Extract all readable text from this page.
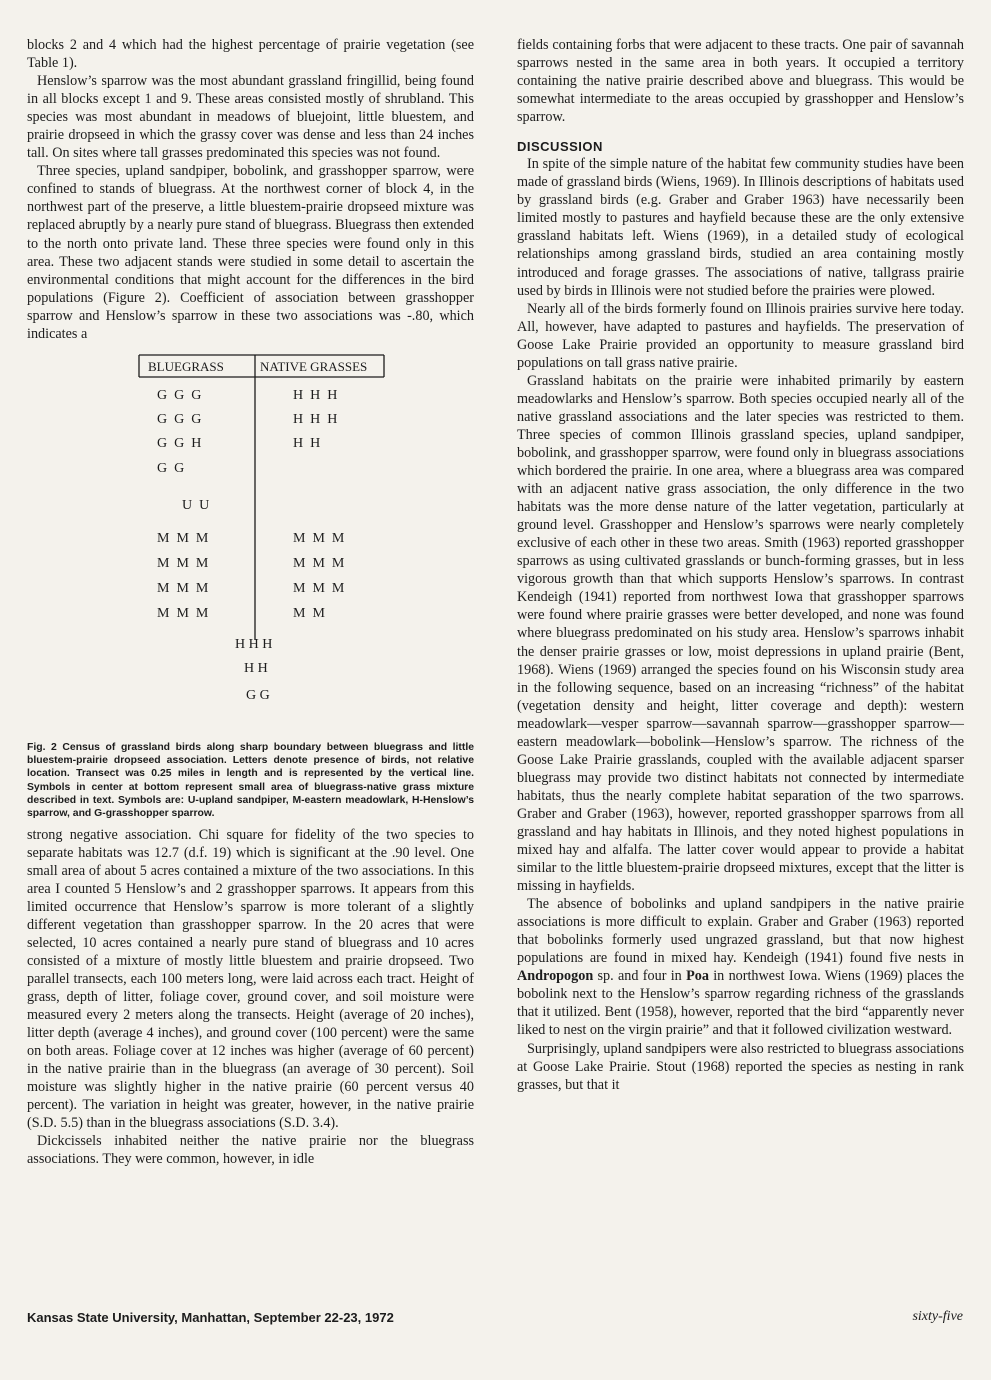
blocks 2 and 4 which had the highest percentage of prairie vegetation (see Table 1).

Henslow’s sparrow was the most abundant grassland fringillid, being found in all blocks except 1 and 9. These areas consisted mostly of shrubland. This species was most abundant in meadows of bluejoint, little bluestem, and prairie dropseed in which the grassy cover was dense and less than 24 inches tall. On sites where tall grasses predominated this species was not found.

Three species, upland sandpiper, bobolink, and grasshopper sparrow, were confined to stands of bluegrass. At the northwest corner of block 4, in the northwest part of the preserve, a little bluestem-prairie dropseed mixture was replaced abruptly by a nearly pure stand of bluegrass. Bluegrass then extended to the north onto private land. These three species were found only in this area. These two adjacent stands were studied in some detail to ascertain the environmental conditions that might account for the differences in the bird populations (Figure 2). Coefficient of association between grasshopper sparrow and Henslow’s sparrow in these two associations was -.80, which indicates a

BLUEGRASS	NATIVE GRASSES
G  G  G
G  G  G
G  G  H
G  G
U  U
M  M  M
M  M  M
M  M  M
M  M  M
H  H  H
H  H  H
H  H
M  M  M
M  M  M
M  M  M
M  M
H H H
H H
G G
Fig. 2 Census of grassland birds along sharp boundary between bluegrass and little bluestem-prairie dropseed association. Letters denote presence of birds, not relative location. Transect was 0.25 miles in length and is represented by the vertical line. Symbols in center at bottom represent small area of bluegrass-native grass mixture described in text. Symbols are: U-upland sandpiper, M-eastern meadowlark, H-Henslow’s sparrow, and G-grasshopper sparrow.

strong negative association. Chi square for fidelity of the two species to separate habitats was 12.7 (d.f. 19) which is significant at the .90 level. One small area of about 5 acres contained a mixture of the two associations. In this area I counted 5 Henslow’s and 2 grasshopper sparrows. It appears from this limited occurrence that Henslow’s sparrow is more tolerant of a slightly different vegetation than grasshopper sparrow. In the 20 acres that were selected, 10 acres contained a nearly pure stand of bluegrass and 10 acres consisted of a mixture of mostly little bluestem and prairie dropseed. Two parallel transects, each 100 meters long, were laid across each tract. Height of grass, depth of litter, foliage cover, ground cover, and soil moisture were measured every 2 meters along the transects. Height (average of 20 inches), litter depth (average 4 inches), and ground cover (100 percent) were the same on both areas. Foliage cover at 12 inches was higher (average of 60 percent) in the native prairie than in the bluegrass (an average of 30 percent). Soil moisture was slightly higher in the native prairie (60 percent versus 40 percent). The variation in height was greater, however, in the native prairie (S.D. 5.5) than in the bluegrass associations (S.D. 3.4).

Dickcissels inhabited neither the native prairie nor the bluegrass associations. They were common, however, in idle

fields containing forbs that were adjacent to these tracts. One pair of savannah sparrows nested in the same area in both years. It occupied a territory containing the native prairie described above and bluegrass. This would be somewhat intermediate to the areas occupied by grasshopper and Henslow’s sparrow.

DISCUSSION

In spite of the simple nature of the habitat few community studies have been made of grassland birds (Wiens, 1969). In Illinois descriptions of habitats used by grassland birds (e.g. Graber and Graber 1963) have necessarily been limited mostly to pastures and hayfield because these are the only extensive grassland habitats left. Wiens (1969), in a detailed study of ecological relationships among grassland birds, studied an area containing mostly introduced and forage grasses. The associations of native, tallgrass prairie used by birds in Illinois were not studied before the prairies were plowed.

Nearly all of the birds formerly found on Illinois prairies survive here today. All, however, have adapted to pastures and hayfields. The preservation of Goose Lake Prairie provided an opportunity to measure grassland bird populations on tall grass native prairie.

Grassland habitats on the prairie were inhabited primarily by eastern meadowlarks and Henslow’s sparrow. Both species occupied nearly all of the native grassland associations and the later species was restricted to them. Three species of common Illinois grassland species, upland sandpiper, bobolink, and grasshopper sparrow, were found only in bluegrass associations which bordered the prairie. In one area, where a bluegrass area was compared with an adjacent native grass association, the only difference in the two habitats was the more dense nature of the latter vegetation, particularly at ground level. Grasshopper and Henslow’s sparrows were nearly completely exclusive of each other in these two areas. Smith (1963) reported grasshopper sparrows as using cultivated grasslands or bunch-forming grasses, but in less vigorous growth than that which supports Henslow’s sparrows. In contrast Kendeigh (1941) reported from northwest Iowa that grasshopper sparrows were found where prairie grasses were better developed, and none was found where bluegrass predominated on his study area. Henslow’s sparrows inhabit the denser prairie grasses or low, moist depressions in upland prairie (Bent, 1968). Wiens (1969) arranged the species found on his Wisconsin study area in the following sequence, based on an increasing “richness” of the habitat (vegetation density and height, litter coverage and depth): western meadowlark—vesper sparrow—savannah sparrow—grasshopper sparrow—eastern meadowlark—bobolink—Henslow’s sparrow. The richness of the Goose Lake Prairie grasslands, coupled with the available adjacent sparser bluegrass may provide two distinct habitats not connected by intermediate habitats, thus the nearly complete habitat separation of the two sparrows. Graber and Graber (1963), however, reported grasshopper sparrows from all grassland and hay habitats in Illinois, and they noted highest populations in mixed hay and alfalfa. The latter cover would appear to provide a habitat similar to the little bluestem-prairie dropseed mixtures, except that the litter is missing in hayfields.

The absence of bobolinks and upland sandpipers in the native prairie associations is more difficult to explain. Graber and Graber (1963) reported that bobolinks formerly used ungrazed grassland, but that now highest populations are found in mixed hay. Kendeigh (1941) found five nests in Andropogon sp. and four in Poa in northwest Iowa. Wiens (1969) places the bobolink next to the Henslow’s sparrow regarding richness of the grasslands that it utilized. Bent (1958), however, reported that the bird “apparently never liked to nest on the virgin prairie” and that it followed civilization westward.

Surprisingly, upland sandpipers were also restricted to bluegrass associations at Goose Lake Prairie. Stout (1968) reported the species as nesting in rank grasses, but that it

Kansas State University, Manhattan, September 22-23, 1972	sixty-five
